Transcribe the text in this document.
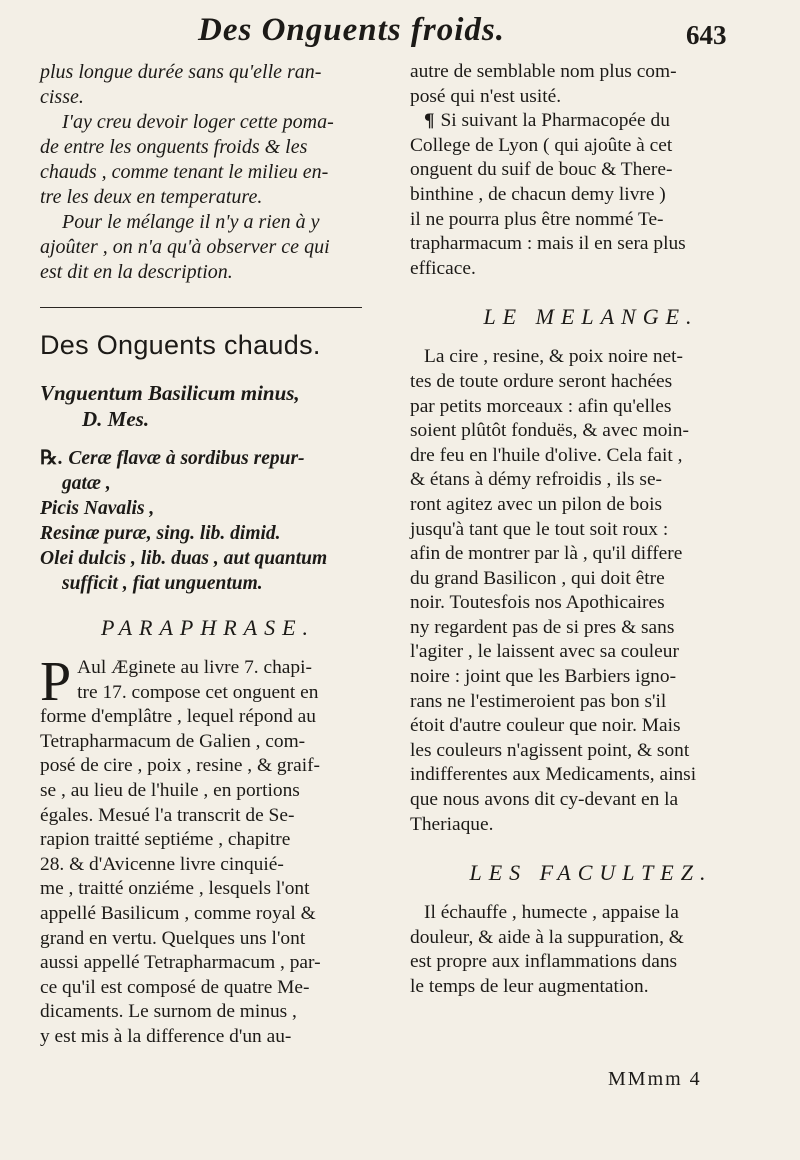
Des Onguents froids.	643

plus longue durée sans qu'elle ran-
cisse.

I'ay creu devoir loger cette poma-
de entre les onguents froids & les
chauds , comme tenant le milieu en-
tre les deux en temperature.

Pour le mélange il n'y a rien à y
ajoûter , on n'a qu'à observer ce qui
est dit en la description.

Des Onguents chauds.
Vnguentum Basilicum minus,
D. Mes.
℞. Ceræ flavæ à sordibus repur-
gatæ ,
Picis Navalis ,
Resinæ puræ, sing. lib. dimid.
Olei dulcis , lib. duas , aut quantum
sufficit , fiat unguentum.
PARAPHRASE.

P Aul Æginete au livre 7. chapi-
tre 17. compose cet onguent en
forme d'emplâtre , lequel répond au
Tetrapharmacum de Galien , com-
posé de cire , poix , resine , & graif-
se , au lieu de l'huile , en portions
égales. Mesué l'a transcrit de Se-
rapion traitté septiéme , chapitre
28. & d'Avicenne livre cinquié-
me , traitté onziéme , lesquels l'ont
appellé Basilicum , comme royal &
grand en vertu. Quelques uns l'ont
aussi appellé Tetrapharmacum , par-
ce qu'il est composé de quatre Me-
dicaments. Le surnom de minus ,
y est mis à la difference d'un au-

autre de semblable nom plus com-
posé qui n'est usité.

¶ Si suivant la Pharmacopée du
College de Lyon ( qui ajoûte à cet
onguent du suif de bouc & There-
binthine , de chacun demy livre )
il ne pourra plus être nommé Te-
trapharmacum : mais il en sera plus
efficace.

LE MELANGE.

La cire , resine, & poix noire net-
tes de toute ordure seront hachées
par petits morceaux : afin qu'elles
soient plûtôt fonduës, & avec moin-
dre feu en l'huile d'olive. Cela fait ,
& étans à démy refroidis , ils se-
ront agitez avec un pilon de bois
jusqu'à tant que le tout soit roux :
afin de montrer par là , qu'il differe
du grand Basilicon , qui doit être
noir. Toutesfois nos Apothicaires
ny regardent pas de si pres & sans
l'agiter , le laissent avec sa couleur
noire : joint que les Barbiers igno-
rans ne l'estimeroient pas bon s'il
étoit d'autre couleur que noir. Mais
les couleurs n'agissent point, & sont
indifferentes aux Medicaments, ainsi
que nous avons dit cy-devant en la
Theriaque.

LES FACULTEZ.

Il échauffe , humecte , appaise la
douleur, & aide à la suppuration, &
est propre aux inflammations dans
le temps de leur augmentation.

MMmm 4
